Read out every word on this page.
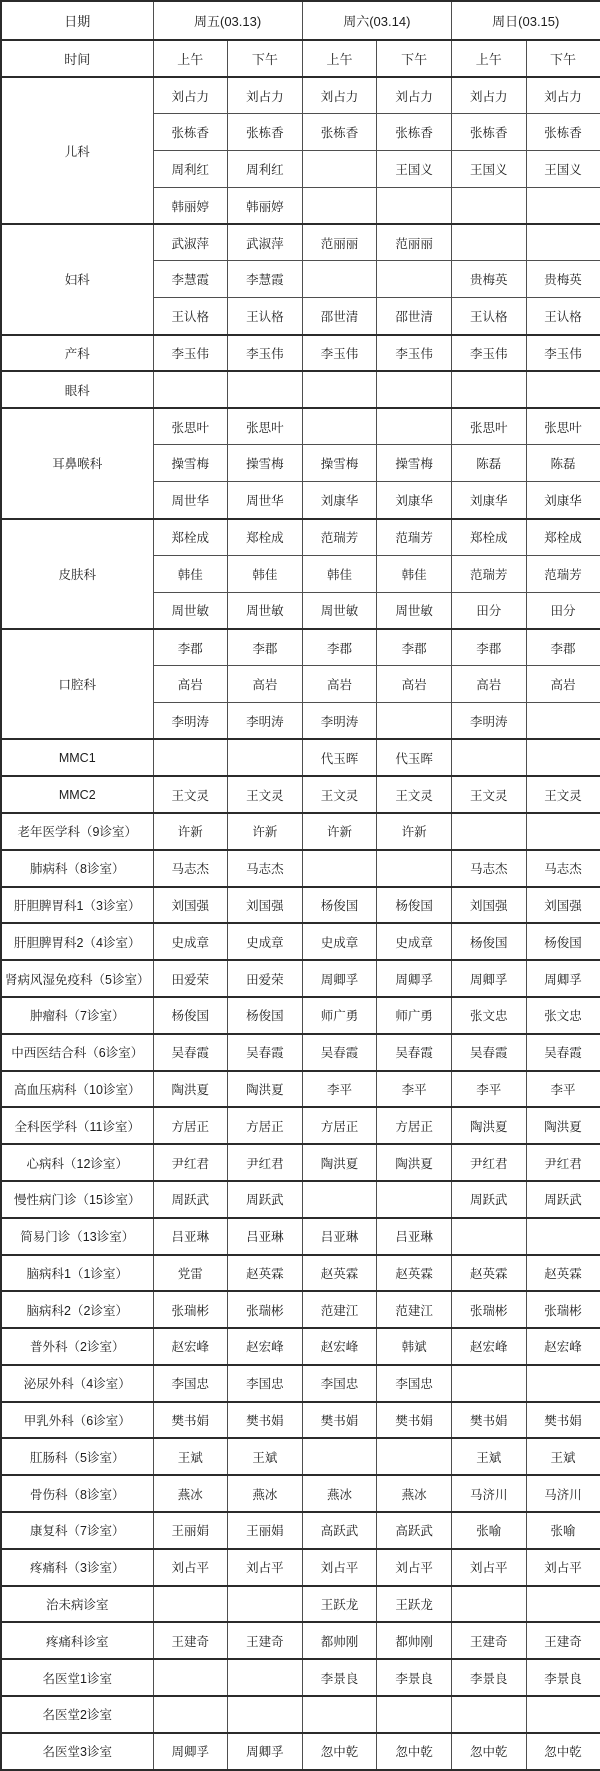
日期	周五(03.13)		周六(03.14)		周日(03.15)	
时间	上午	下午	上午	下午	上午	下午
儿科	刘占力	刘占力	刘占力	刘占力	刘占力	刘占力
	张栋香	张栋香	张栋香	张栋香	张栋香	张栋香
	周利红	周利红		王国义	王国义	王国义
	韩丽婷	韩丽婷				
妇科	武淑萍	武淑萍	范丽丽	范丽丽		
	李慧霞	李慧霞			贵梅英	贵梅英
	王认格	王认格	邵世清	邵世清	王认格	王认格
产科	李玉伟	李玉伟	李玉伟	李玉伟	李玉伟	李玉伟
眼科						
耳鼻喉科	张思叶	张思叶			张思叶	张思叶
	操雪梅	操雪梅	操雪梅	操雪梅	陈磊	陈磊
	周世华	周世华	刘康华	刘康华	刘康华	刘康华
皮肤科	郑栓成	郑栓成	范瑞芳	范瑞芳	郑栓成	郑栓成
	韩佳	韩佳	韩佳	韩佳	范瑞芳	范瑞芳
	周世敏	周世敏	周世敏	周世敏	田分	田分
口腔科	李郡	李郡	李郡	李郡	李郡	李郡
	高岩	高岩	高岩	高岩	高岩	高岩
	李明涛	李明涛	李明涛		李明涛	
MMC1			代玉晖	代玉晖		
MMC2	王文灵	王文灵	王文灵	王文灵	王文灵	王文灵
老年医学科（9诊室）	许新	许新	许新	许新		
肺病科（8诊室）	马志杰	马志杰			马志杰	马志杰
肝胆脾胃科1（3诊室）	刘国强	刘国强	杨俊国	杨俊国	刘国强	刘国强
肝胆脾胃科2（4诊室）	史成章	史成章	史成章	史成章	杨俊国	杨俊国
肾病风湿免疫科（5诊室）	田爱荣	田爱荣	周卿孚	周卿孚	周卿孚	周卿孚
肿瘤科（7诊室）	杨俊国	杨俊国	师广勇	师广勇	张文忠	张文忠
中西医结合科（6诊室）	吴春霞	吴春霞	吴春霞	吴春霞	吴春霞	吴春霞
高血压病科（10诊室）	陶洪夏	陶洪夏	李平	李平	李平	李平
全科医学科（11诊室）	方居正	方居正	方居正	方居正	陶洪夏	陶洪夏
心病科（12诊室）	尹红君	尹红君	陶洪夏	陶洪夏	尹红君	尹红君
慢性病门诊（15诊室）	周跃武	周跃武			周跃武	周跃武
简易门诊（13诊室）	吕亚琳	吕亚琳	吕亚琳	吕亚琳		
脑病科1（1诊室）	党雷	赵英霖	赵英霖	赵英霖	赵英霖	赵英霖
脑病科2（2诊室）	张瑞彬	张瑞彬	范建江	范建江	张瑞彬	张瑞彬
普外科（2诊室）	赵宏峰	赵宏峰	赵宏峰	韩斌	赵宏峰	赵宏峰
泌尿外科（4诊室）	李国忠	李国忠	李国忠	李国忠		
甲乳外科（6诊室）	樊书娟	樊书娟	樊书娟	樊书娟	樊书娟	樊书娟
肛肠科（5诊室）	王斌	王斌			王斌	王斌
骨伤科（8诊室）	燕冰	燕冰	燕冰	燕冰	马济川	马济川
康复科（7诊室）	王丽娟	王丽娟	高跃武	高跃武	张喻	张喻
疼痛科（3诊室）	刘占平	刘占平	刘占平	刘占平	刘占平	刘占平
治未病诊室			王跃龙	王跃龙		
疼痛科诊室	王建奇	王建奇	都帅刚	都帅刚	王建奇	王建奇
名医堂1诊室			李景良	李景良	李景良	李景良
名医堂2诊室						
名医堂3诊室	周卿孚	周卿孚	忽中乾	忽中乾	忽中乾	忽中乾
